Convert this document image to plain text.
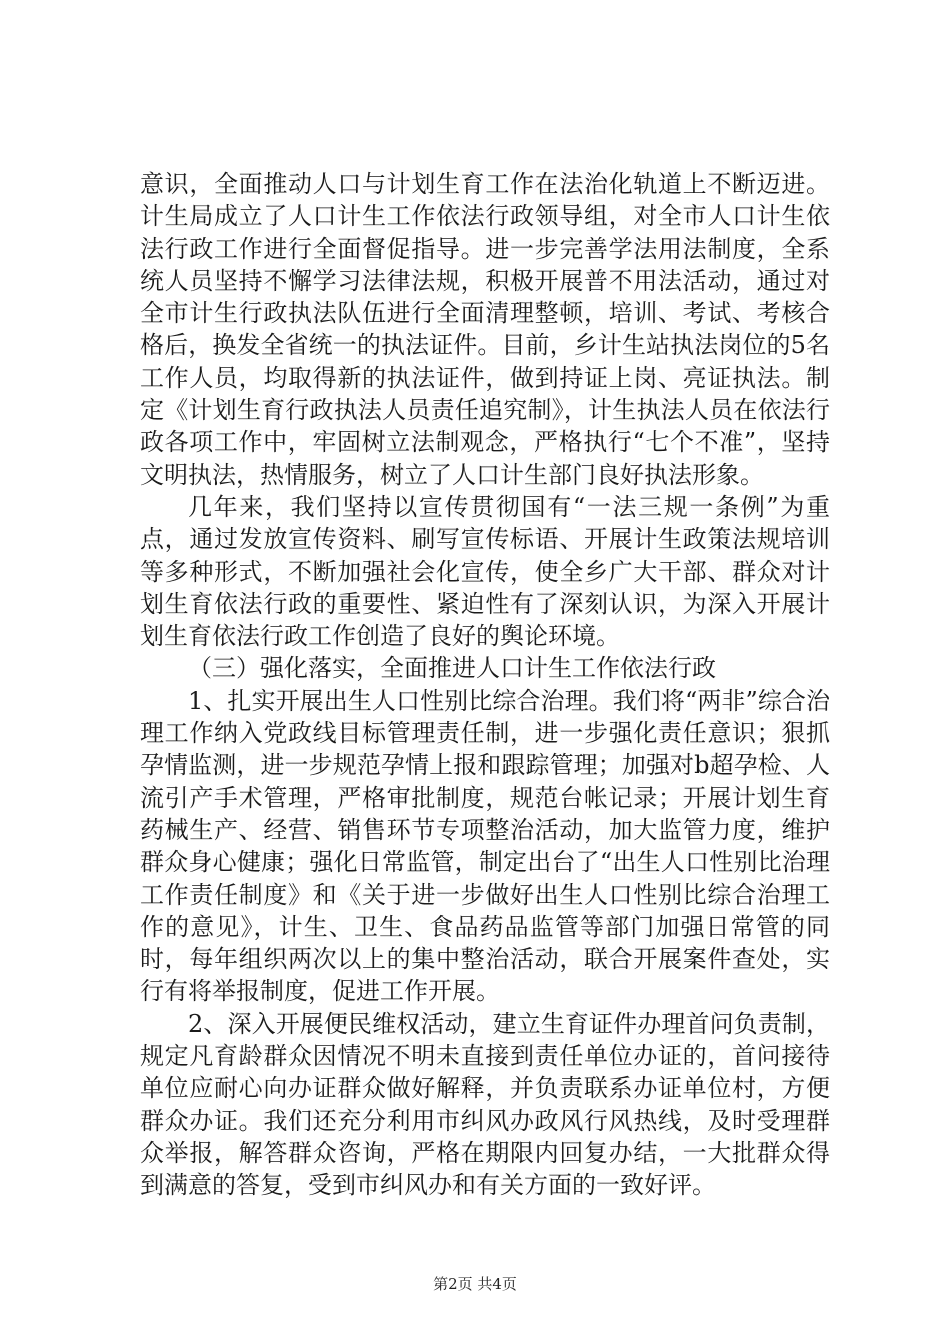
意识，全面推动人口与计划生育工作在法治化轨道上不断迈进。计生局成立了人口计生工作依法行政领导组，对全市人口计生依法行政工作进行全面督促指导。进一步完善学法用法制度，全系统人员坚持不懈学习法律法规，积极开展普不用法活动，通过对全市计生行政执法队伍进行全面清理整顿，培训、考试、考核合格后，换发全省统一的执法证件。目前，乡计生站执法岗位的5名工作人员，均取得新的执法证件，做到持证上岗、亮证执法。制定《计划生育行政执法人员责任追究制》，计生执法人员在依法行政各项工作中，牢固树立法制观念，严格执行“七个不准”，坚持文明执法，热情服务，树立了人口计生部门良好执法形象。

几年来，我们坚持以宣传贯彻国有“一法三规一条例”为重点，通过发放宣传资料、刷写宣传标语、开展计生政策法规培训等多种形式，不断加强社会化宣传，使全乡广大干部、群众对计划生育依法行政的重要性、紧迫性有了深刻认识，为深入开展计划生育依法行政工作创造了良好的舆论环境。

（三）强化落实，全面推进人口计生工作依法行政

1、扎实开展出生人口性别比综合治理。我们将“两非”综合治理工作纳入党政线目标管理责任制，进一步强化责任意识；狠抓孕情监测，进一步规范孕情上报和跟踪管理；加强对b超孕检、人流引产手术管理，严格审批制度，规范台帐记录；开展计划生育药械生产、经营、销售环节专项整治活动，加大监管力度，维护群众身心健康；强化日常监管，制定出台了“出生人口性别比治理工作责任制度》和《关于进一步做好出生人口性别比综合治理工作的意见》，计生、卫生、食品药品监管等部门加强日常管的同时，每年组织两次以上的集中整治活动，联合开展案件查处，实行有将举报制度，促进工作开展。

2、深入开展便民维权活动，建立生育证件办理首问负责制，规定凡育龄群众因情况不明未直接到责任单位办证的，首问接待单位应耐心向办证群众做好解释，并负责联系办证单位村，方便群众办证。我们还充分利用市纠风办政风行风热线，及时受理群众举报，解答群众咨询，严格在期限内回复办结，一大批群众得到满意的答复，受到市纠风办和有关方面的一致好评。

第2页 共4页
